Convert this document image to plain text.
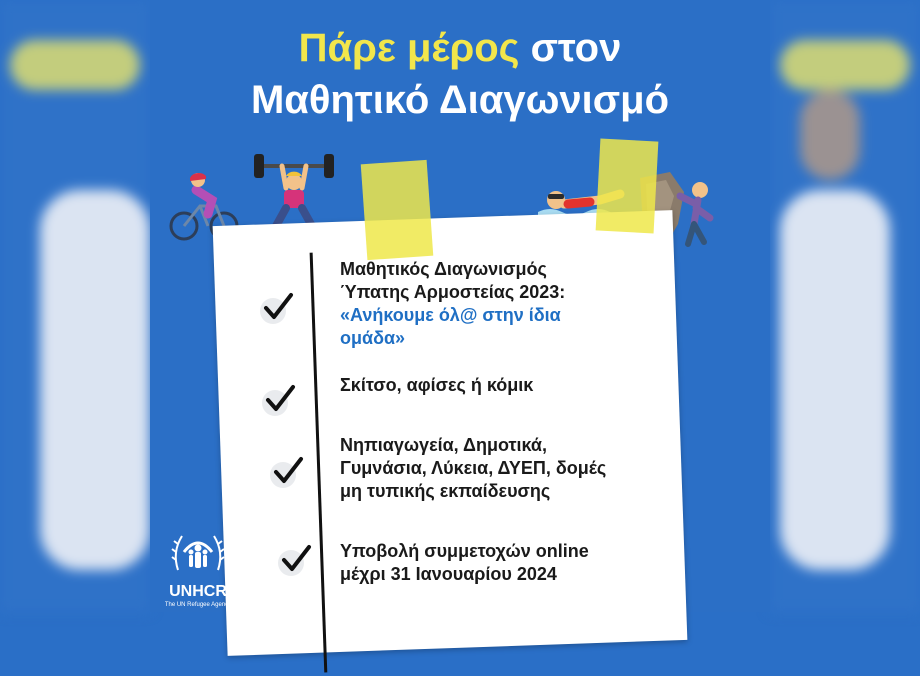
Πάρε μέρος στον
Μαθητικό Διαγωνισμό
Μαθητικός Διαγωνισμός
Ύπατης Αρμοστείας 2023:
«Ανήκουμε όλ@ στην ίδια
ομάδα»
Σκίτσο, αφίσες ή κόμικ
Νηπιαγωγεία, Δημοτικά,
Γυμνάσια, Λύκεια, ΔΥΕΠ, δομές
μη τυπικής εκπαίδευσης
Υποβολή συμμετοχών online
μέχρι 31 Ιανουαρίου 2024
UNHCR
The UN Refugee Agency
